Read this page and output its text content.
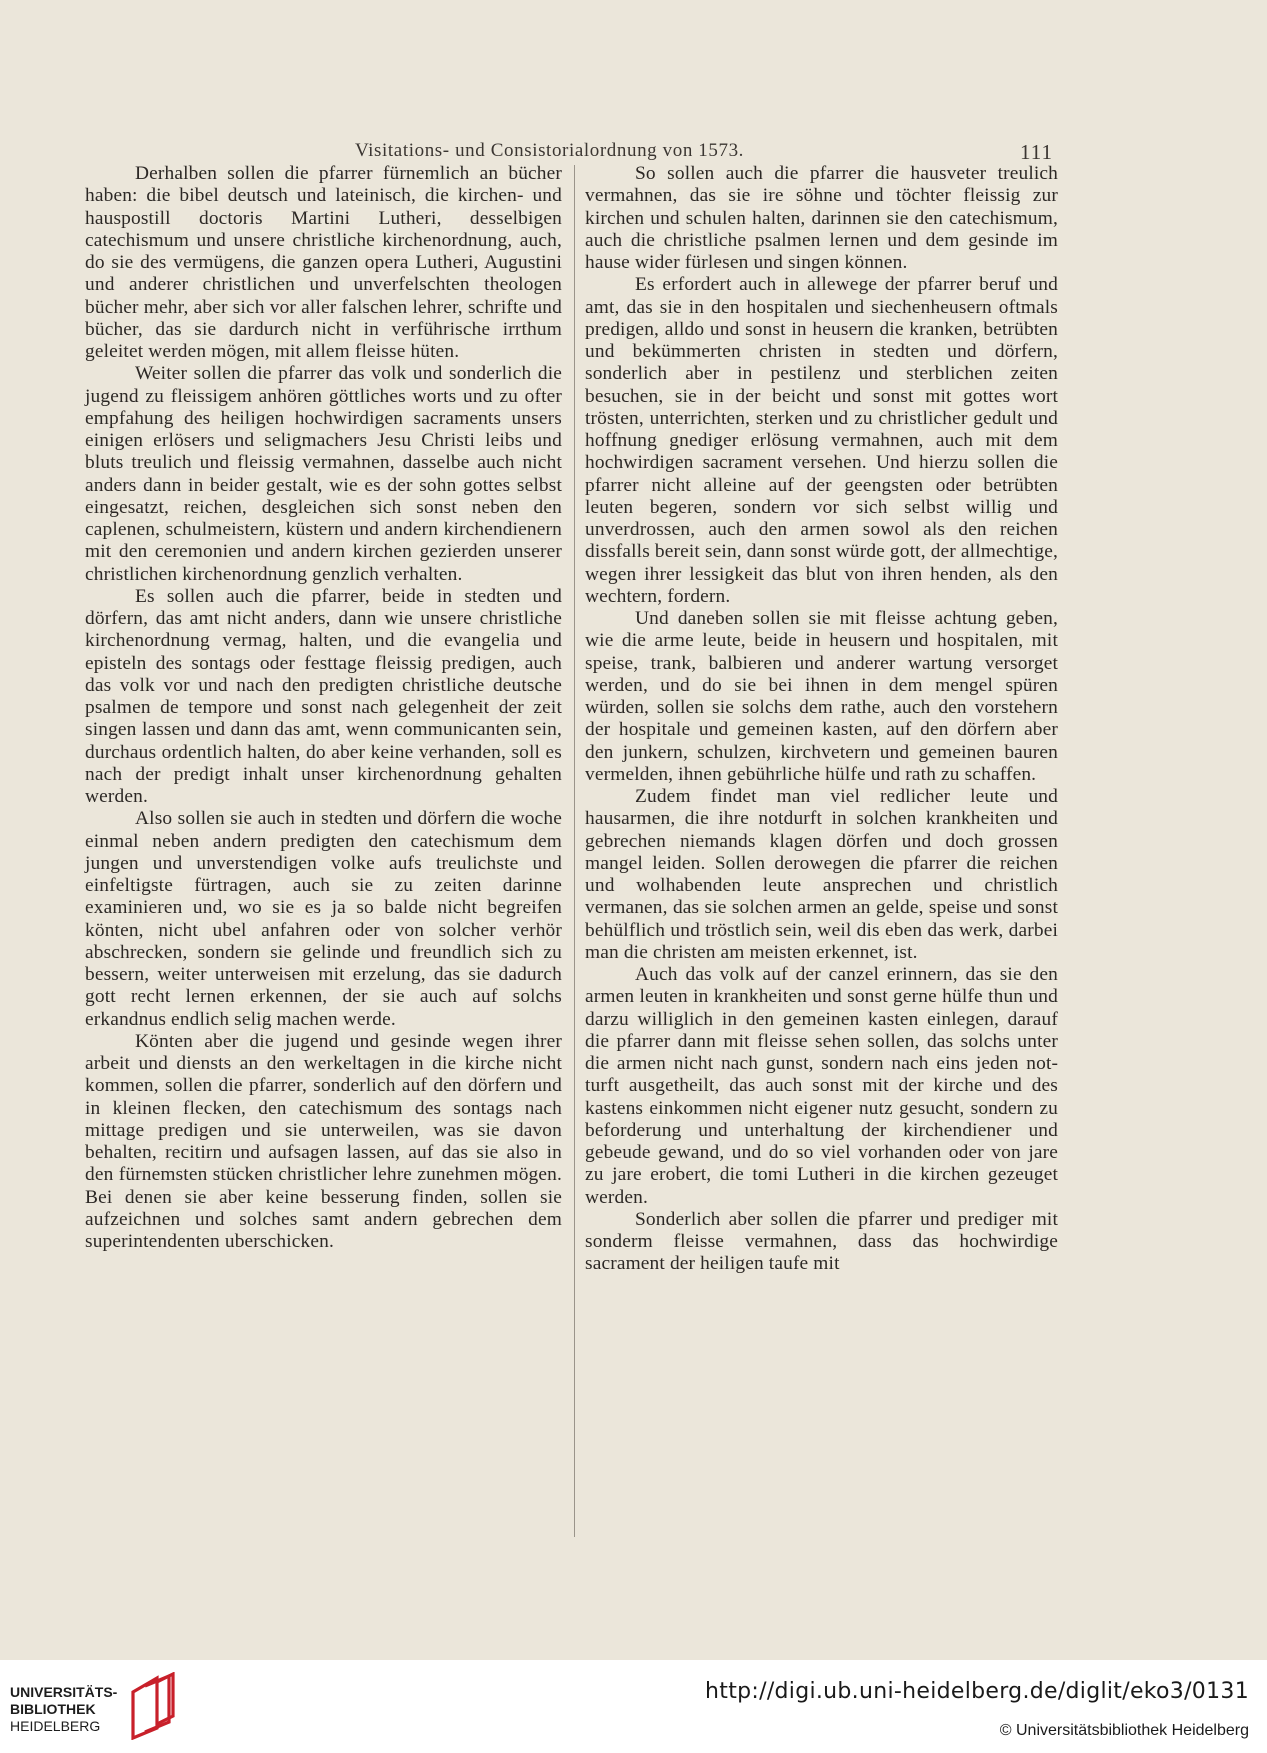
Visitations- und Consistorialordnung von 1573.	111

Derhalben sollen die pfarrer fürnemlich an bücher haben: die bibel deutsch und lateinisch, die kirchen- und hauspostill doctoris Martini Lutheri, desselbigen catechismum und unsere christliche kirchenordnung, auch, do sie des vermügens, die ganzen opera Lutheri, Augustini und anderer christlichen und unverfelschten theologen bücher mehr, aber sich vor aller falschen lehrer, schrifte und bücher, das sie dardurch nicht in verführische irrthum geleitet werden mögen, mit allem fleisse hüten.

Weiter sollen die pfarrer das volk und sonderlich die jugend zu fleissigem anhören göttliches worts und zu ofter empfahung des heiligen hochwirdigen sacraments unsers einigen erlösers und seligmachers Jesu Christi leibs und bluts treulich und fleissig vermahnen, dasselbe auch nicht anders dann in beider gestalt, wie es der sohn gottes selbst eingesatzt, reichen, desgleichen sich sonst neben den caplenen, schulmeistern, küstern und andern kirchendienern mit den ceremonien und andern kirchen gezierden unserer christlichen kirchenordnung genzlich verhalten.

Es sollen auch die pfarrer, beide in stedten und dörfern, das amt nicht anders, dann wie unsere christliche kirchenordnung vermag, halten, und die evangelia und episteln des sontags oder festtage fleissig predigen, auch das volk vor und nach den predigten christliche deutsche psalmen de tempore und sonst nach gelegenheit der zeit singen lassen und dann das amt, wenn communicanten sein, durchaus ordentlich halten, do aber keine verhanden, soll es nach der predigt inhalt unser kirchenordnung gehalten werden.

Also sollen sie auch in stedten und dörfern die woche einmal neben andern predigten den catechismum dem jungen und unverstendigen volke aufs treulichste und einfeltigste fürtragen, auch sie zu zeiten darinne examinieren und, wo sie es ja so balde nicht begreifen könten, nicht ubel anfahren oder von solcher verhör abschrecken, sondern sie gelinde und freundlich sich zu bessern, weiter unterweisen mit erzelung, das sie dadurch gott recht lernen erkennen, der sie auch auf solchs erkandnus endlich selig machen werde.

Könten aber die jugend und gesinde wegen ihrer arbeit und diensts an den werkeltagen in die kirche nicht kommen, sollen die pfarrer, sonderlich auf den dörfern und in kleinen flecken, den catechismum des sontags nach mittage predigen und sie unterweilen, was sie davon behalten, recitirn und aufsagen lassen, auf das sie also in den fürnemsten stücken christlicher lehre zunehmen mögen. Bei denen sie aber keine besserung finden, sollen sie aufzeichnen und solches samt andern gebrechen dem superintendenten uberschicken.

So sollen auch die pfarrer die hausveter treulich vermahnen, das sie ire söhne und töchter fleissig zur kirchen und schulen halten, darinnen sie den catechismum, auch die christliche psalmen lernen und dem gesinde im hause wider fürlesen und singen können.

Es erfordert auch in allewege der pfarrer beruf und amt, das sie in den hospitalen und siechenheusern oftmals predigen, alldo und sonst in heusern die kranken, betrübten und bekümmerten christen in stedten und dörfern, sonderlich aber in pestilenz und sterblichen zeiten besuchen, sie in der beicht und sonst mit gottes wort trösten, unterrichten, sterken und zu christlicher gedult und hoffnung gnediger erlösung vermahnen, auch mit dem hochwirdigen sacrament versehen. Und hierzu sollen die pfarrer nicht alleine auf der geengsten oder betrübten leuten begeren, sondern vor sich selbst willig und unverdrossen, auch den armen sowol als den reichen dissfalls bereit sein, dann sonst würde gott, der allmechtige, wegen ihrer lessigkeit das blut von ihren henden, als den wechtern, fordern.

Und daneben sollen sie mit fleisse achtung geben, wie die arme leute, beide in heusern und hospitalen, mit speise, trank, balbieren und anderer wartung versorget werden, und do sie bei ihnen in dem mengel spüren würden, sollen sie solchs dem rathe, auch den vorstehern der hospitale und gemeinen kasten, auf den dörfern aber den junkern, schulzen, kirchvetern und gemeinen bauren vermelden, ihnen gebührliche hülfe und rath zu schaffen.

Zudem findet man viel redlicher leute und hausarmen, die ihre notdurft in solchen krankheiten und gebrechen niemands klagen dörfen und doch grossen mangel leiden. Sollen derowegen die pfarrer die reichen und wolhabenden leute ansprechen und christlich vermanen, das sie solchen armen an gelde, speise und sonst behülflich und tröstlich sein, weil dis eben das werk, darbei man die christen am meisten erkennet, ist.

Auch das volk auf der canzel erinnern, das sie den armen leuten in krankheiten und sonst gerne hülfe thun und darzu williglich in den gemeinen kasten einlegen, darauf die pfarrer dann mit fleisse sehen sollen, das solchs unter die armen nicht nach gunst, sondern nach eins jeden notturft ausgetheilt, das auch sonst mit der kirche und des kastens einkommen nicht eigener nutz gesucht, sondern zu beforderung und unterhaltung der kirchendiener und gebeude gewand, und do so viel vorhanden oder von jare zu jare erobert, die tomi Lutheri in die kirchen gezeuget werden.

Sonderlich aber sollen die pfarrer und prediger mit sonderm fleisse vermahnen, dass das hochwirdige sacrament der heiligen taufe mit

UNIVERSITÄTS-
BIBLIOTHEK
HEIDELBERG
http://digi.ub.uni-heidelberg.de/diglit/eko3/0131
© Universitätsbibliothek Heidelberg
